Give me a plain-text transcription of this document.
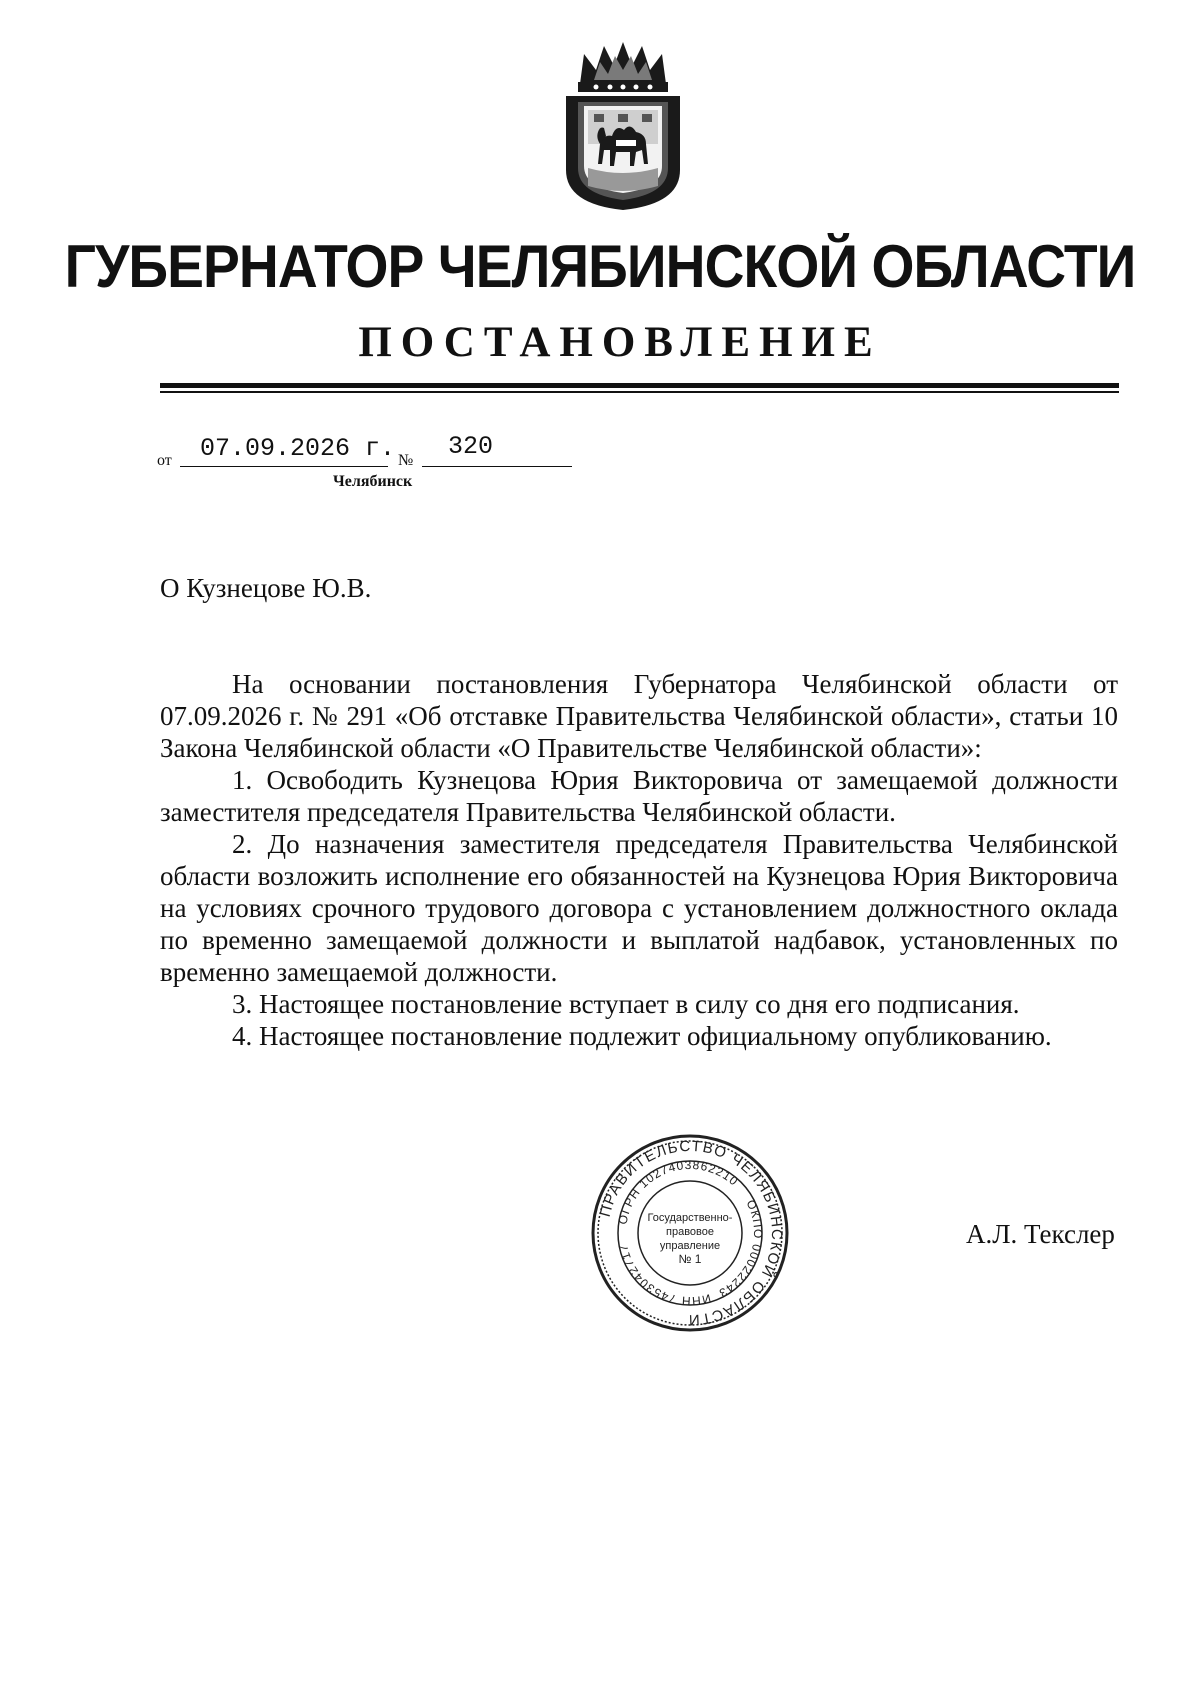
ГУБЕРНАТОР ЧЕЛЯБИНСКОЙ ОБЛАСТИ
ПОСТАНОВЛЕНИЕ
от 07.09.2026 г. № 320
Челябинск
О Кузнецове Ю.В.

На основании постановления Губернатора Челябинской области от 07.09.2026 г. № 291 «Об отставке Правительства Челябинской области», статьи 10 Закона Челябинской области «О Правительстве Челябинской области»:

1. Освободить Кузнецова Юрия Викторовича от замещаемой должности заместителя председателя Правительства Челябинской области.

2. До назначения заместителя председателя Правительства Челябинской области возложить исполнение его обязанностей на Кузнецова Юрия Викторовича на условиях срочного трудового договора с установлением должностного оклада по временно замещаемой должности и выплатой надбавок, установленных по временно замещаемой должности.

3. Настоящее постановление вступает в силу со дня его подписания.

4. Настоящее постановление подлежит официальному опубликованию.

ПРАВИТЕЛЬСТВО ЧЕЛЯБИНСКОЙ ОБЛАСТИ
ОГРН 1027403862210
ОКПО 00022243
ИНН 7453042717
Государственно-
правовое
управление
№ 1
А.Л. Текслер
